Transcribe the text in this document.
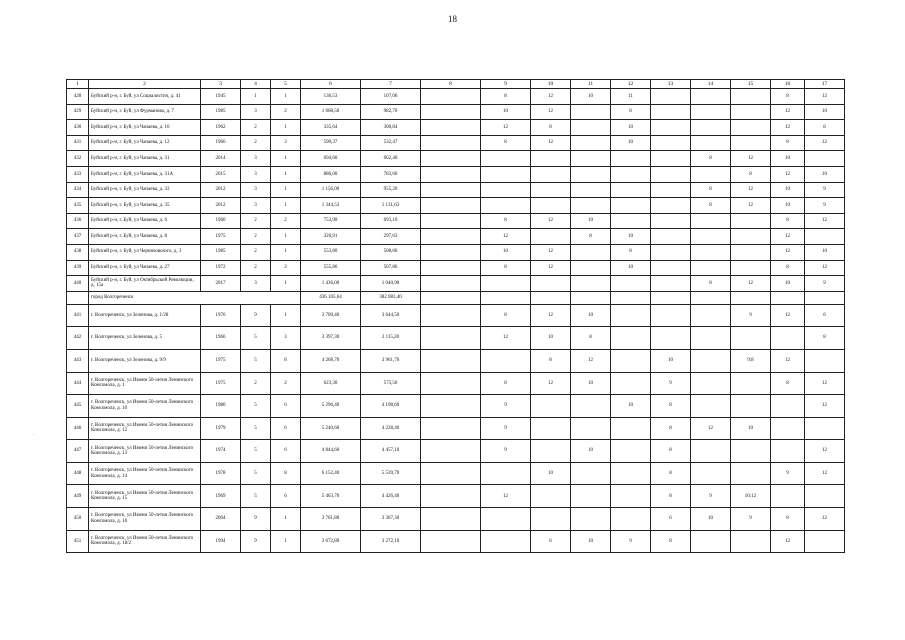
18
1	2	3	4	5	6	7	8	9	10	11	12	13	14	15	16	17
428	Буйский р-н, г. Буй, ул Социалистич, д. 41	1945	1	1	136,53	107,06		8	12	10	11				8	12
429	Буйский р-н, г. Буй, ул Фурманова, д. 7	1985	3	2	1 068,50	982,70		10	12		8				12	10
430	Буйский р-н, г. Буй, ул Чапаева, д. 10	1962	2	1	335,64	300,84		12	8		10				12	8
431	Буйский р-н, г. Буй, ул Чапаева, д. 12	1966	2	3	590,37	532,47		8	12		10				8	12
432	Буйский р-н, г. Буй, ул Чапаева, д. 31	2014	3	1	694,60	662,40							8	12	10	
433	Буйский р-н, г. Буй, ул Чапаева, д. 31А	2015	3	1	886,00	783,60								8	12	10
434	Буйский р-н, г. Буй, ул Чапаева, д. 33	2012	3	1	1 156,00	955,20							8	12	10	9
435	Буйский р-н, г. Буй, ул Чапаева, д. 35	2012	3	1	1 344,53	1 131,63							8	12	10	9
436	Буйский р-н, г. Буй, ул Чапаева, д. 6	1960	2	2	753,90	693,10		8	12	10					8	12
437	Буйский р-н, г. Буй, ул Чапаева, д. 8	1975	2	1	326,91	297,63		12		8	10				12	
438	Буйский р-н, г. Буй, ул Черняховского, д. 3	1985	2	1	553,80	508,60		10	12		8				12	10
439	Буйский р-н, г. Буй, ул Чапаева, д. 27	1972	2	2	555,86	507,86		8	12		10				8	12
440	Буйский р-н, г. Буй, ул Октябрьской Революции, д. 15а	2017	3	1	1 436,00	1 040,90							8	12	10	9
	город Волгореченск				436 105,64	382 083,40										
441	г. Волгореченск, ул Зеленова, д. 1/28	1976	9	1	3 700,40	3 644,50		8	12	10				9	12	6
442	г. Волгореченск, ул Зеленова, д. 5	1966	5	3	3 397,30	3 115,20		12	10	8						8
443	г. Волгореченск, ул Зеленова, д. 9/9	1975	5	8	4 268,70	3 961,70			8	12		10		9;8	12	
444	г. Волгореченск, ул Имени 50-летия Ленинского Комсомола, д. 1	1975	2	2	623,30	575,50		8	12	10		9			8	12
445	г. Волгореченск, ул Имени 50-летия Ленинского Комсомола, д. 10	1980	5	6	5 296,40	4 198,60		9			10	8				12
446	г. Волгореченск, ул Имени 50-летия Ленинского Комсомола, д. 12	1979	5	6	5 240,60	4 228,40		9				8	12	10		
447	г. Волгореченск, ул Имени 50-летия Ленинского Комсомола, д. 13	1974	5	6	4 844,60	4 457,10		9		10		8				12
448	г. Волгореченск, ул Имени 50-летия Ленинского Комсомола, д. 14	1978	5	8	6 152,40	5 539,70			10			8			9	12
449	г. Волгореченск, ул Имени 50-летия Ленинского Комсомола, д. 15	1969	5	6	5 463,70	4 426,40		12				8	9	10;12		
450	г. Волгореченск, ул Имени 50-летия Ленинского Комсомола, д. 16	2004	9	1	3 761,80	3 367,30						6	10	9	8	12
451	г. Волгореченск, ул Имени 50-летия Ленинского Комсомола, д. 18/2	1994	9	1	3 672,80	3 272,10			6	10	9	8			12	
.
